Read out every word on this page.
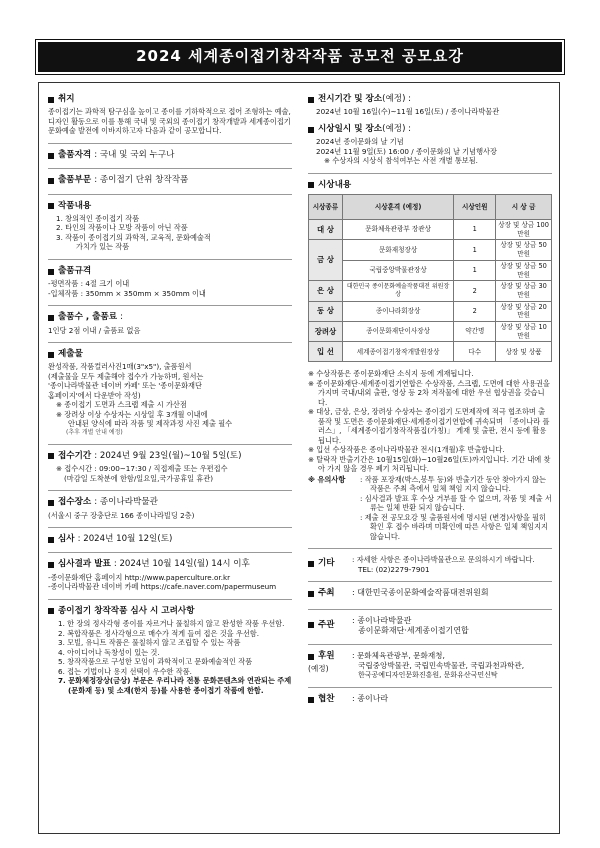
2024 세계종이접기창작작품 공모전 공모요강
취지

종이접기는 과학적 탐구심을 높이고 종이를 기하학적으로 접어 조형하는 예술, 디자인 활동으로 이를 통해 국내 및 국외의 종이접기 창작개발과 세계종이접기문화예술 발전에 이바지하고자 다음과 같이 공모합니다.

출품자격
: 국내 및 국외 누구나
출품부문
: 종이접기 단위 창작작품
작품내용

1. 창의적인 종이접기 작품

2. 타인의 작품이나 모방 작품이 아닌 작품

3. 작품이 종이접기의 과학적, 교육적, 문화예술적

가치가 있는 작품

출품규격

-평면작품 : 4절 크기 이내

-입체작품 : 350mm × 350mm × 350mm 이내

출품수 , 출품료
:

1인당 2점 이내 / 출품료 없음

제출물

완성작품, 작품컬러사진1매(3"x5"), 출품원서

(제출물을 모두 제출해야 접수가 가능하며, 원서는

'종이나라박물관 네이버 카페' 또는 '종이문화재단

홈페이지'에서 다운받아 작성)

※ 종이접기 도면과 스크랩 제출 시 가산점

※ 장려상 이상 수상자는 시상일 후 3개월 이내에

안내된 양식에 따라 작품 및 제작과정 사진 제출 필수

(추후 개별 안내 예정)

접수기간
: 2024년 9월 23일(월)~10월 5일(토)

※ 접수시간 : 09:00~17:30 / 직접제출 또는 우편접수

(마감일 도착분에 한함/일요일,국가공휴일 휴관)

접수장소
: 종이나라박물관

(서울시 중구 장충단로 166 종이나라빌딩 2층)

심사
: 2024년 10월 12일(토)
심사결과 발표
: 2024년 10월 14일(월) 14시 이후

-종이문화재단 홈페이지 http://www.paperculture.or.kr

-종이나라박물관 네이버 카페 https://cafe.naver.com/papermuseum

종이접기 창작작품 심사 시 고려사항

1. 한 장의 정사각형 종이를 자르거나 풀칠하지 않고 완성한 작품 우선함.

2. 복합작품은 정사각형으로 매수가 적게 들여 접은 것을 우선함.

3. 모빌, 유니트 작품은 풀칠하지 않고 조립할 수 있는 작품

4. 아이디어나 독창성이 있는 것.

5. 창작작품으로 구성한 모임이 과학적이고 문화예술적인 작품

6. 접는 기법이나 용지 선택이 우수한 작품.

7. 문화체정장상(금상) 부문은 우리나라 전통 문화콘텐츠와 연관되는 주제(문화재 등) 및 소재(한지 등)를 사용한 종이접기 작품에 한함.

전시기간 및 장소 (예정) :

2024년 10월 16일(수)~11월 16일(토) / 종이나라박물관

시상일시 및 장소 (예정) :

2024년 종이문화의 날 기념

2024년 11월 9일(토) 16:00 / 종이문화의 날 기념행사장

※ 수상자의 시상식 참석여부는 사전 개별 통보됨.

시상내용
시상종류	시상훈격 (예정)	시상인원	시 상 금
대 상	문화체육관광부 장관상	1	상장 및 상금 100만원
금 상	문화재청장상	1	상장 및 상금 50만원
	국립중앙박물관장상	1	상장 및 상금 50만원
은 상	대한민국 종이문화예술작품대전 위원장상	2	상장 및 상금 30만원
동 상	종이나라회장상	2	상장 및 상금 20만원
장려상	종이문화재단이사장상	약간명	상장 및 상금 10만원
입 선	세계종이접기창작개발원장상	다수	상장 및 상품

※ 수상작품은 종이문화재단 소식지 등에 게재됩니다.

※ 종이문화재단·세계종이접기연합은 수상작품, 스크랩, 도면에 대한 사용권을 가지며 국내/내외 출판, 영상 등 2차 저작물에 대한 우선 협상권을 갖습니다.

※ 대상, 금상, 은상, 장려상 수상자는 종이접기 도면제작에 적극 협조하며 출품작 및 도면은 종이문화재단·세계종이접기연합에 귀속되며 「종이나라 플러스」, 「세계종이접기창작작품집(가칭)」 게재 및 출판, 전시 등에 활용됩니다.

※ 입선 수상작품은 종이나라박물관 전시(1개월)후 반출합니다.

※ 탈락작 반출기간은 10월15일(화)~10월26일(토)까지입니다. 기간 내에 찾아 가지 않을 경우 폐기 처리됩니다.

※ 유의사항	: 작품 포장재(박스,봉투 등)와 반출기간 동안 찾아가지 않는 작품은 주최 측에서 일체 책임 지지 않습니다.

: 심사결과 발표 후 수상 거부를 할 수 없으며, 작품 및 제출 서류는 일체 반환 되지 않습니다.

: 제출 전 공모요강 및 출품원서에 명시된 (변경)사항을 필히 확인 후 접수 바라며 미확인에 따른 사항은 일체 책임지지 않습니다.

기타 : 자세한 사항은 종이나라박물관으로 문의하시기 바랍니다.

TEL: (02)2279-7901

주최 : 대한민국종이문화예술작품대전위원회

주관 : 종이나라박물관

종이문화재단·세계종이접기연합

후원

(예정)

: 문화체육관광부, 문화재청,

국립중앙박물관, 국립민속박물관, 국립과천과학관,

한국공예디자인문화진흥원, 문화유산국민신탁

협찬 : 종이나라
